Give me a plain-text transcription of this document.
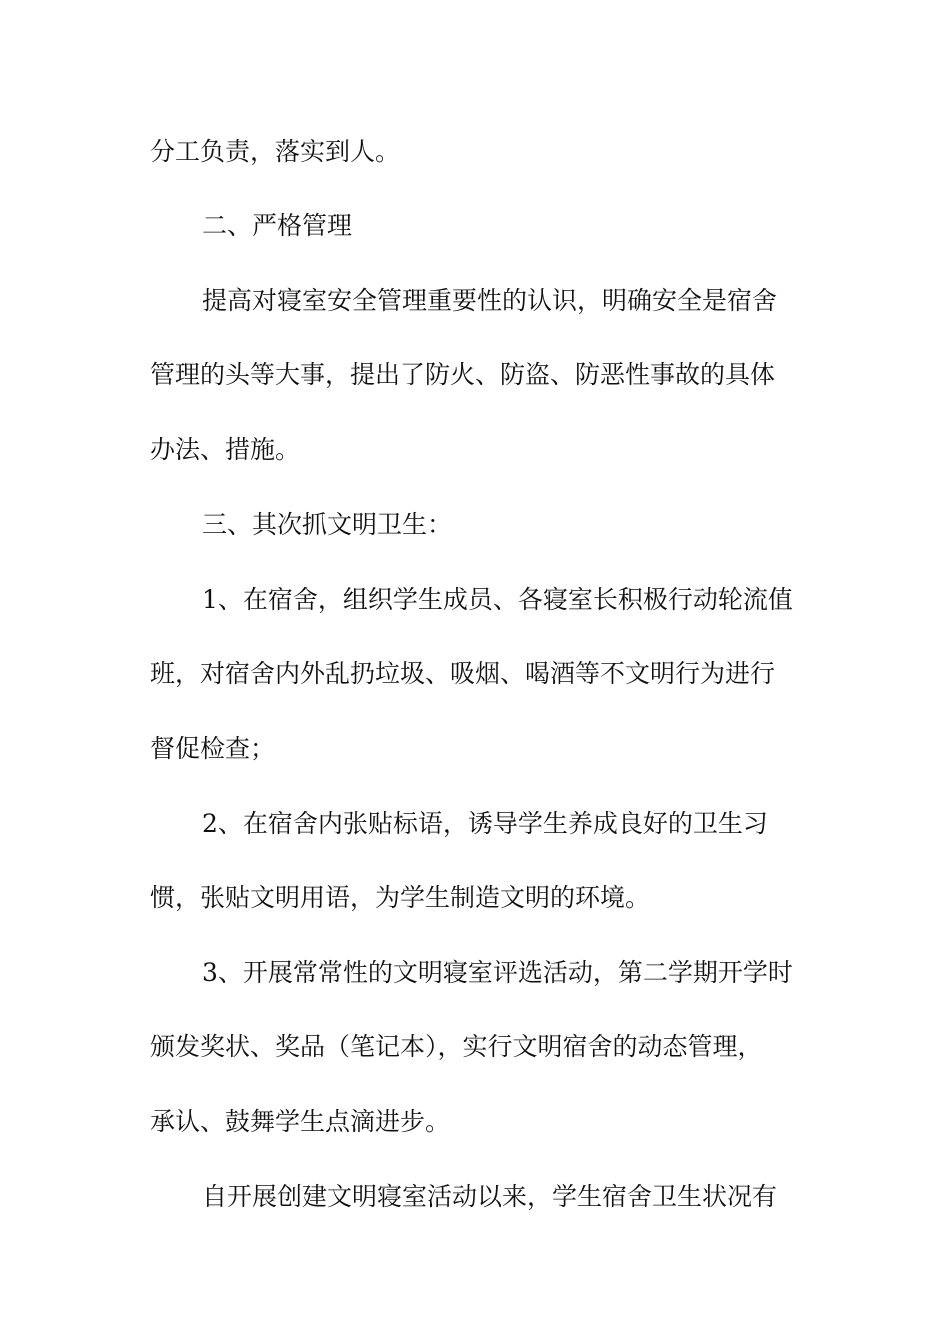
分工负责，落实到人。
二、严格管理
提高对寝室安全管理重要性的认识，明确安全是宿舍
管理的头等大事，提出了防火、防盗、防恶性事故的具体
办法、措施。
三、其次抓文明卫生：
1、在宿舍，组织学生成员、各寝室长积极行动轮流值
班，对宿舍内外乱扔垃圾、吸烟、喝酒等不文明行为进行
督促检查；
2、在宿舍内张贴标语，诱导学生养成良好的卫生习
惯，张贴文明用语，为学生制造文明的环境。
3、开展常常性的文明寝室评选活动，第二学期开学时
颁发奖状、奖品（笔记本），实行文明宿舍的动态管理，
承认、鼓舞学生点滴进步。
自开展创建文明寝室活动以来，学生宿舍卫生状况有
